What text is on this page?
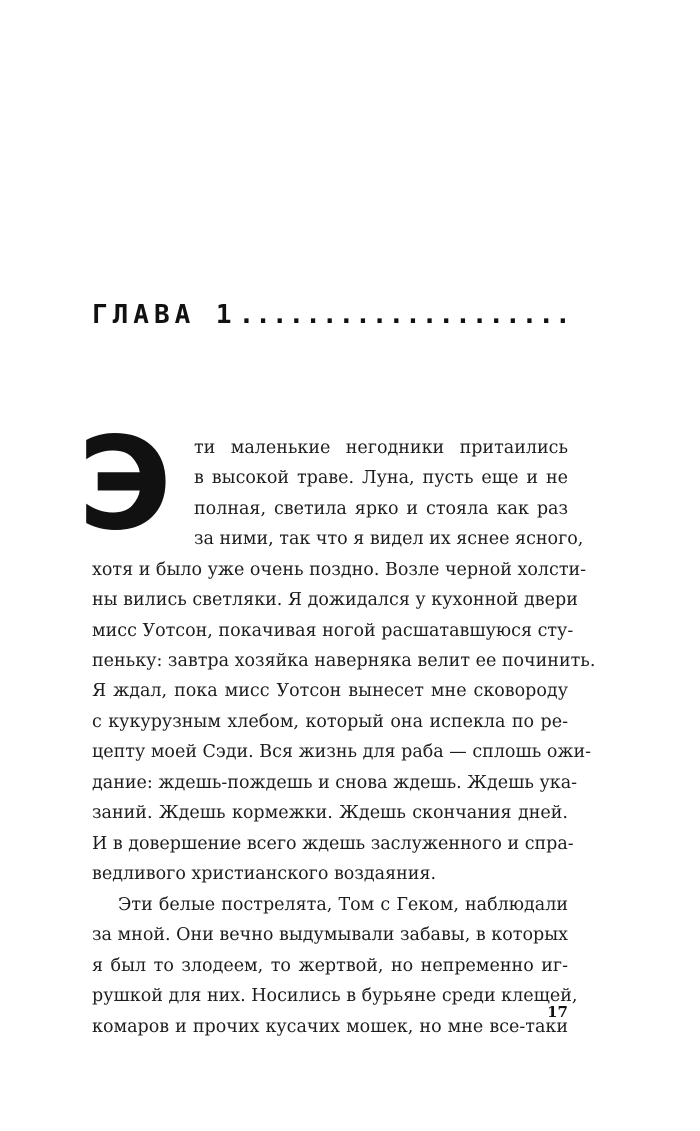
ГЛАВА 1 ....................
Э	ти маленькие негодники притаились
в высокой траве. Луна, пусть еще и не
полная, светила ярко и стояла как раз
за ними, так что я видел их яснее ясного,
хотя и было уже очень поздно. Возле черной холсти-
ны вились светляки. Я дожидался у кухонной двери
мисс Уотсон, покачивая ногой расшатавшуюся сту-
пеньку: завтра хозяйка наверняка велит ее починить.
Я ждал, пока мисс Уотсон вынесет мне сковороду
с кукурузным хлебом, который она испекла по ре-
цепту моей Сэди. Вся жизнь для раба — сплошь ожи-
дание: ждешь-пождешь и снова ждешь. Ждешь ука-
заний. Ждешь кормежки. Ждешь скончания дней.
И в довершение всего ждешь заслуженного и спра-
ведливого христианского воздаяния.
Эти белые пострелята, Том с Геком, наблюдали
за мной. Они вечно выдумывали забавы, в которых
я был то злодеем, то жертвой, но непременно иг-
рушкой для них. Носились в бурьяне среди клещей,
комаров и прочих кусачих мошек, но мне все-таки
17
